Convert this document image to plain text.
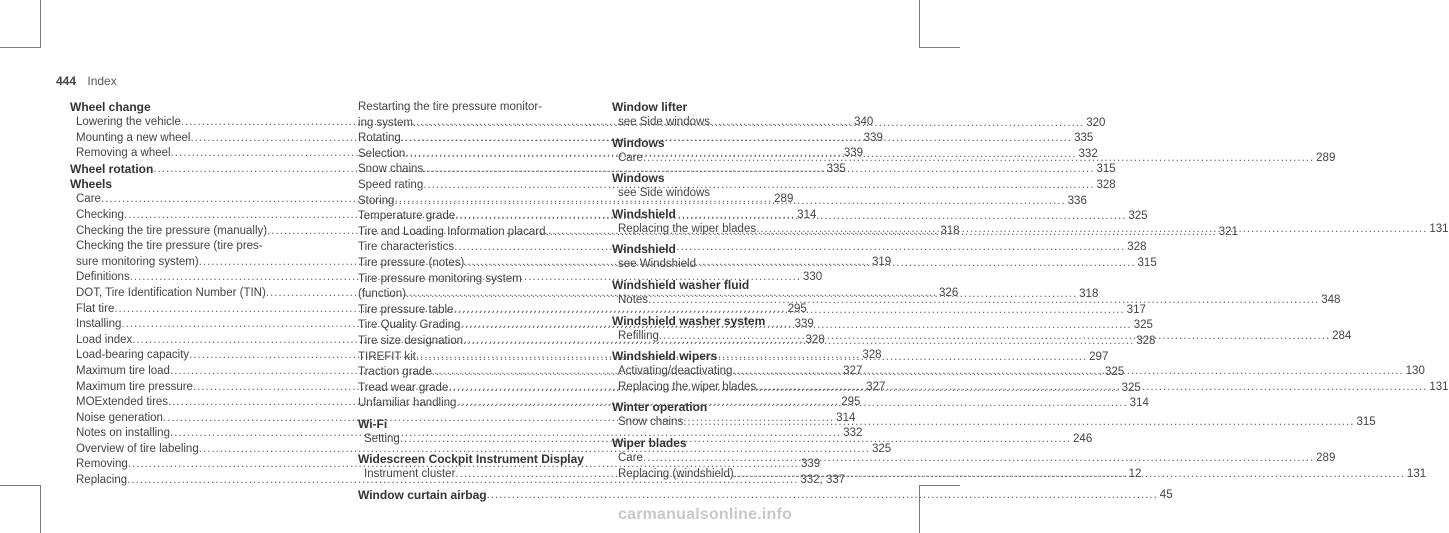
444 Index
Wheel change
Lowering the vehicle .....	340
Mounting a new wheel .....	339
Removing a wheel .....	339
Wheel rotation .....	335
Wheels
Care .....	289
Checking .....	314
Checking the tire pressure (manually) .....	318
Checking the tire pressure (tire pres-
sure monitoring system) .....	319
Definitions .....	330
DOT, Tire Identification Number (TIN) .....	326
Flat tire .....	295
Installing .....	339
Load index .....	328
Load-bearing capacity .....	328
Maximum tire load .....	327
Maximum tire pressure .....	327
MOExtended tires .....	295
Noise generation .....	314
Notes on installing .....	332
Overview of tire labeling .....	325
Removing .....	339
Replacing .....	332, 337
Restarting the tire pressure monitor-
ing system .....	320
Rotating .....	335
Selection .....	332
Snow chains .....	315
Speed rating .....	328
Storing .....	336
Temperature grade .....	325
Tire and Loading Information placard .....	321
Tire characteristics .....	328
Tire pressure (notes) .....	315
Tire pressure monitoring system
(function) .....	318
Tire pressure table .....	317
Tire Quality Grading .....	325
Tire size designation .....	328
TIREFIT kit .....	297
Traction grade .....	325
Tread wear grade .....	325
Unfamiliar handling .....	314
Wi-Fi
Setting .....	246
Widescreen Cockpit Instrument Display
Instrument cluster .....	12
Window curtain airbag .....	45
Window lifter
see Side windows
Windows
Care .....	289
Windows
see Side windows
Windshield
Replacing the wiper blades .....	131
Windshield
see Windshield
Windshield washer fluid
Notes .....	348
Windshield washer system
Refilling .....	284
Windshield wipers
Activating/deactivating .....	130
Replacing the wiper blades .....	131
Winter operation
Snow chains .....	315
Wiper blades
Care .....	289
Replacing (windshield) .....	131
carmanualsonline.info
